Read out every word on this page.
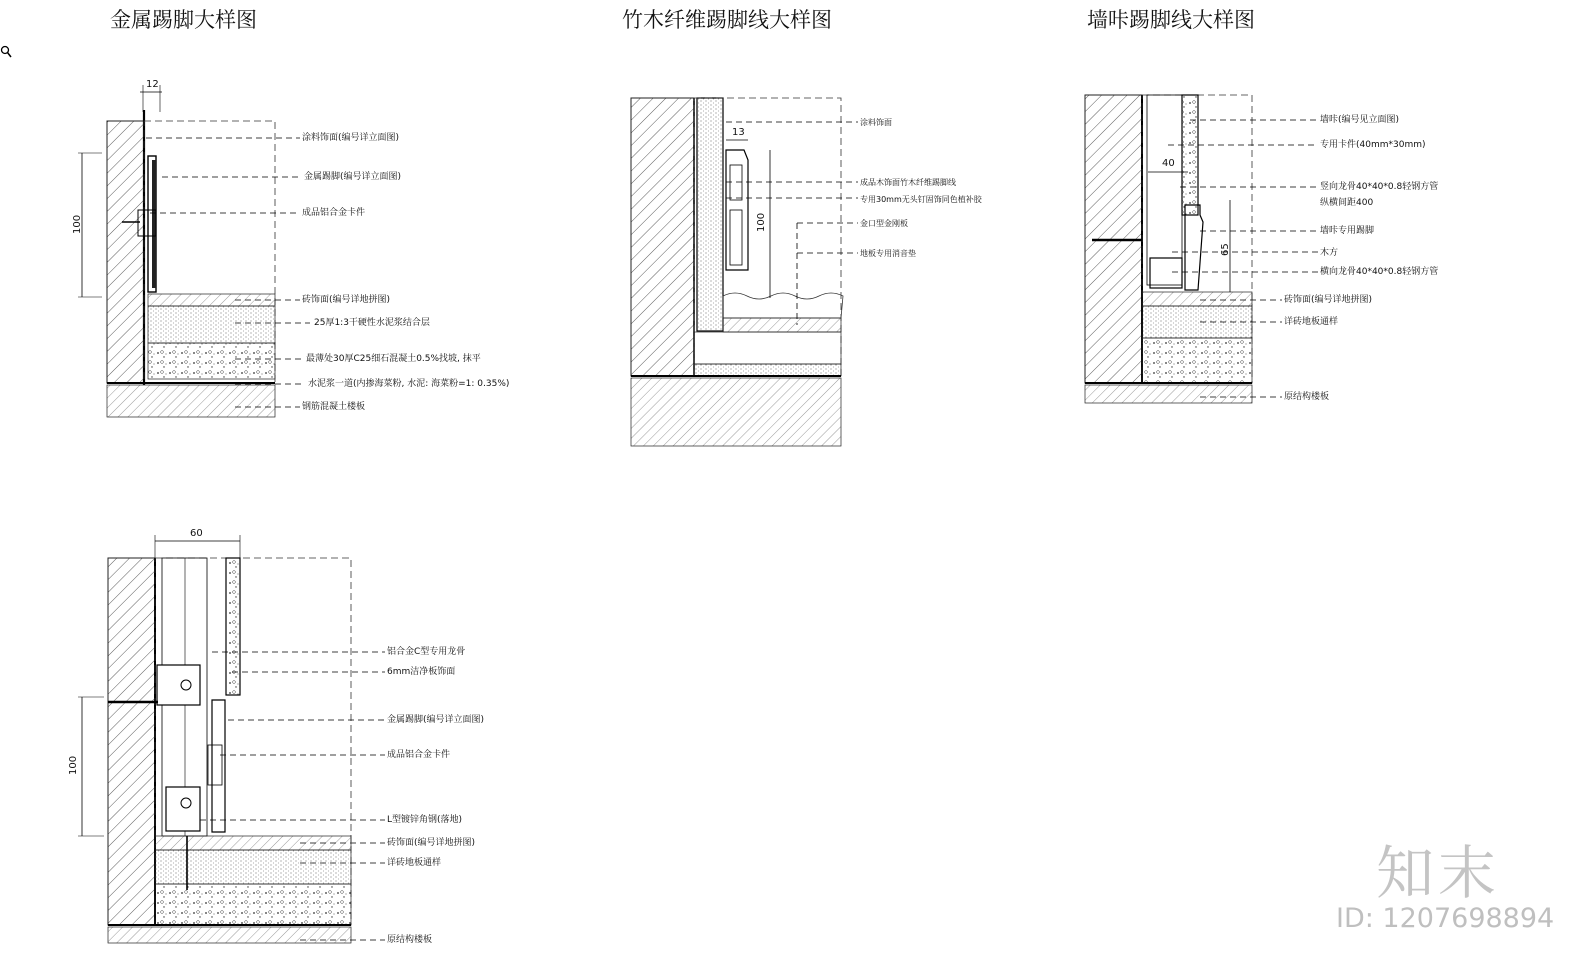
金属踢脚大样图	竹木纤维踢脚线大样图	墙咔踢脚线大样图
12
100
涂料饰面(编号详立面图)
金属踢脚(编号详立面图)
成品铝合金卡件
砖饰面(编号详地拼图)
25厚1:3干硬性水泥浆结合层
最薄处30厚C25细石混凝土0.5%找坡, 抹平
水泥浆一道(内掺海菜粉, 水泥: 海菜粉=1: 0.35%)
钢筋混凝土楼板
13
100
涂料饰面
成品木饰面竹木纤维踢脚线
专用30mm无头钉固饰同色植补胶
金口型金刚板
地板专用消音垫
40
65
墙咔(编号见立面图)
专用卡件(40mm*30mm)
竖向龙骨40*40*0.8轻钢方管
纵横间距400
墙咔专用踢脚
木方
横向龙骨40*40*0.8轻钢方管
砖饰面(编号详地拼图)
详砖地板通样
原结构楼板
60
100
铝合金C型专用龙骨
6mm洁净板饰面
金属踢脚(编号详立面图)
成品铝合金卡件
L型镀锌角钢(落地)
砖饰面(编号详地拼图)
详砖地板通样
原结构楼板
知末
ID: 1207698894
